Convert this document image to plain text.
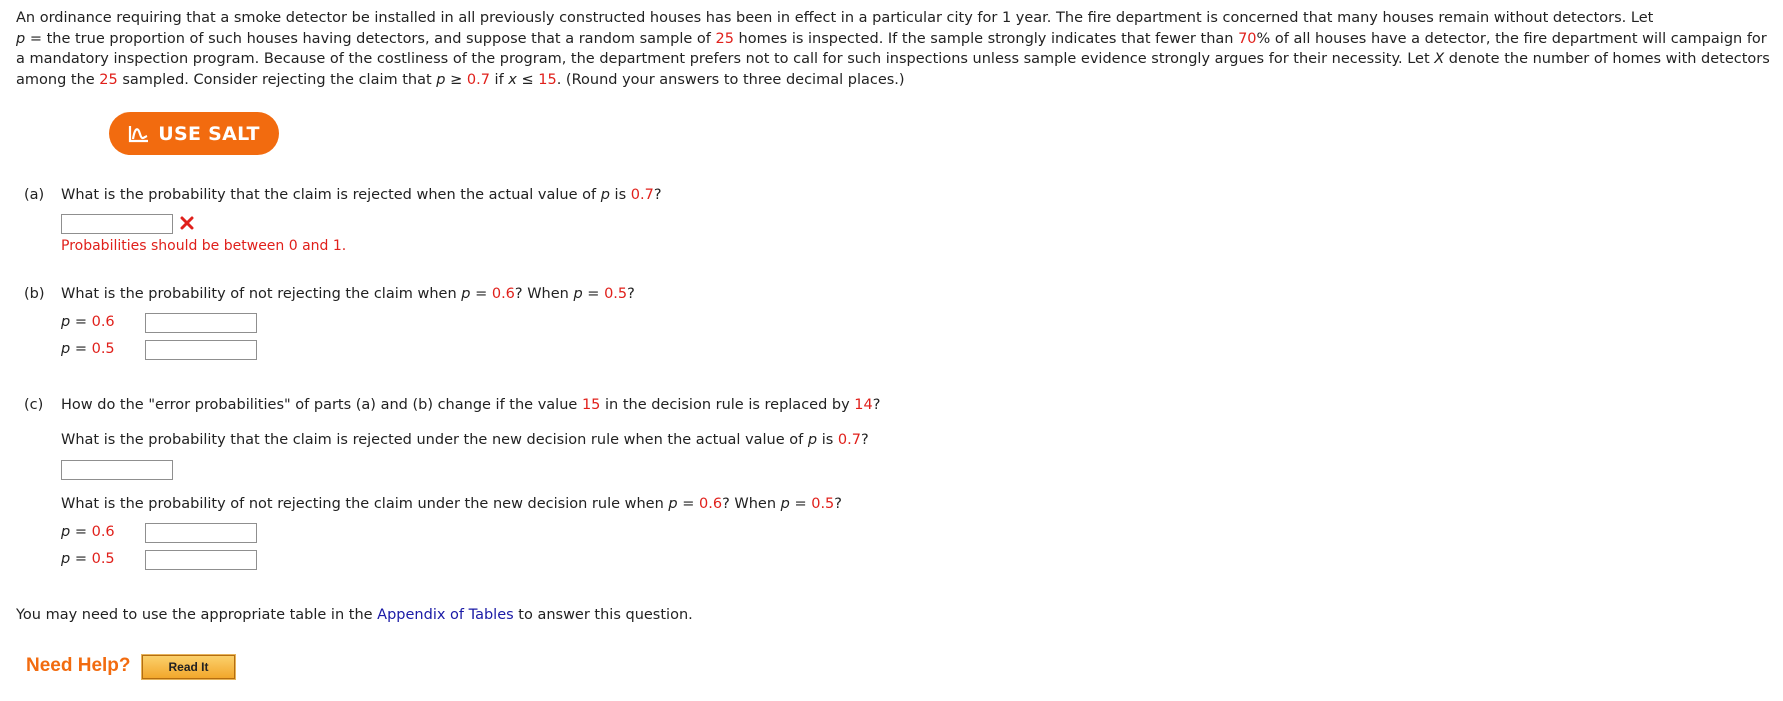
An ordinance requiring that a smoke detector be installed in all previously constructed houses has been in effect in a particular city for 1 year. The fire department is concerned that many houses remain without detectors. Let
p = the true proportion of such houses having detectors, and suppose that a random sample of 25 homes is inspected. If the sample strongly indicates that fewer than 70% of all houses have a detector, the fire department will campaign for a mandatory inspection program. Because of the costliness of the program, the department prefers not to call for such inspections unless sample evidence strongly argues for their necessity. Let X denote the number of homes with detectors among the 25 sampled. Consider rejecting the claim that p ≥ 0.7 if x ≤ 15. (Round your answers to three decimal places.)
USE SALT
(a) What is the probability that the claim is rejected when the actual value of p is 0.7?
Probabilities should be between 0 and 1.
(b) What is the probability of not rejecting the claim when p = 0.6? When p = 0.5?
p = 0.6
p = 0.5
(c) How do the "error probabilities" of parts (a) and (b) change if the value 15 in the decision rule is replaced by 14?
What is the probability that the claim is rejected under the new decision rule when the actual value of p is 0.7?
What is the probability of not rejecting the claim under the new decision rule when p = 0.6? When p = 0.5?
p = 0.6
p = 0.5
You may need to use the appropriate table in the Appendix of Tables to answer this question.
Need Help?	Read It
